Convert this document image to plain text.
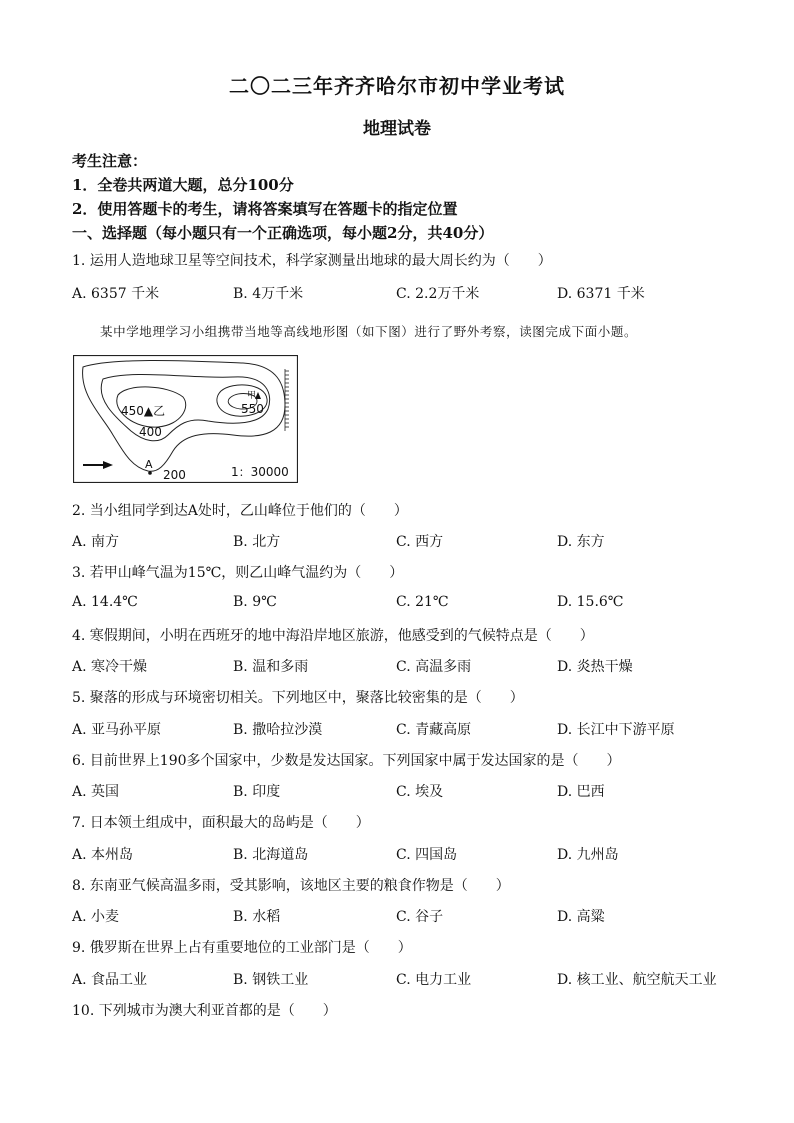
二〇二三年齐齐哈尔市初中学业考试
地理试卷
考生注意：
1．全卷共两道大题，总分100分
2．使用答题卡的考生，请将答案填写在答题卡的指定位置
一、选择题（每小题只有一个正确选项，每小题2分，共40分）
1. 运用人造地球卫星等空间技术，科学家测量出地球的最大周长约为（　　）
A. 6357 千米	B. 4万千米	C. 2.2万千米	D. 6371 千米
某中学地理学习小组携带当地等高线地形图（如下图）进行了野外考察，读图完成下面小题。
450▲乙
甲
550
400
200
A
1：30000
2. 当小组同学到达A处时，乙山峰位于他们的（　　）
A. 南方	B. 北方	C. 西方	D. 东方
3. 若甲山峰气温为15℃，则乙山峰气温约为（　　）
A. 14.4℃	B. 9℃	C. 21℃	D. 15.6℃
4. 寒假期间，小明在西班牙的地中海沿岸地区旅游，他感受到的气候特点是（　　）
A. 寒冷干燥	B. 温和多雨	C. 高温多雨	D. 炎热干燥
5. 聚落的形成与环境密切相关。下列地区中，聚落比较密集的是（　　）
A. 亚马孙平原	B. 撒哈拉沙漠	C. 青藏高原	D. 长江中下游平原
6. 目前世界上190多个国家中，少数是发达国家。下列国家中属于发达国家的是（　　）
A. 英国	B. 印度	C. 埃及	D. 巴西
7. 日本领土组成中，面积最大的岛屿是（　　）
A. 本州岛	B. 北海道岛	C. 四国岛	D. 九州岛
8. 东南亚气候高温多雨，受其影响，该地区主要的粮食作物是（　　）
A. 小麦	B. 水稻	C. 谷子	D. 高粱
9. 俄罗斯在世界上占有重要地位的工业部门是（　　）
A. 食品工业	B. 钢铁工业	C. 电力工业	D. 核工业、航空航天工业
10. 下列城市为澳大利亚首都的是（　　）
